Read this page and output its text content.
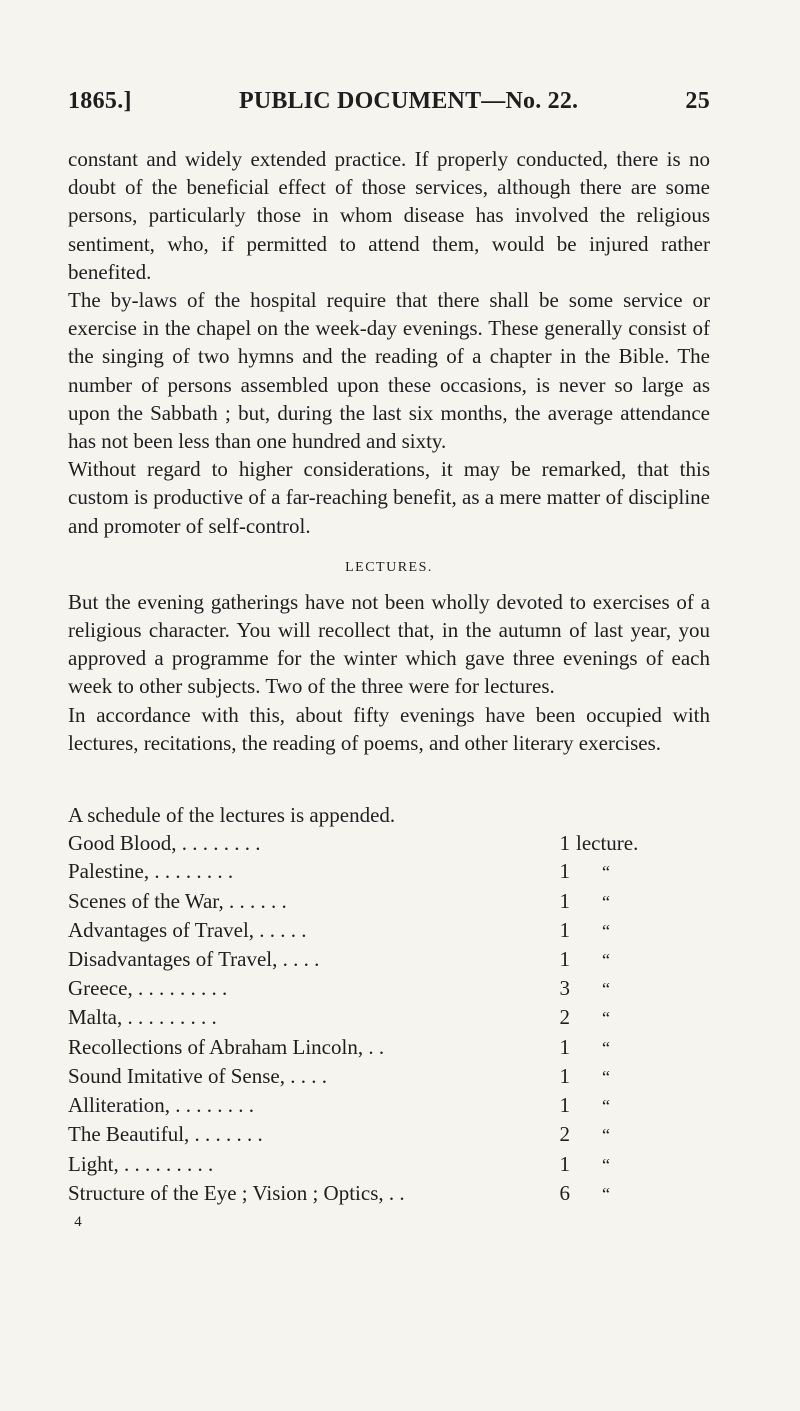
1865.]	PUBLIC DOCUMENT—No. 22.	25

constant and widely extended practice. If properly conducted, there is no doubt of the beneficial effect of those services, although there are some persons, particularly those in whom disease has involved the religious sentiment, who, if permitted to attend them, would be injured rather benefited.

The by-laws of the hospital require that there shall be some service or exercise in the chapel on the week-day evenings. These generally consist of the singing of two hymns and the reading of a chapter in the Bible. The number of persons assembled upon these occasions, is never so large as upon the Sabbath ; but, during the last six months, the average attendance has not been less than one hundred and sixty.

Without regard to higher considerations, it may be remarked, that this custom is productive of a far-reaching benefit, as a mere matter of discipline and promoter of self-control.

LECTURES.

But the evening gatherings have not been wholly devoted to exercises of a religious character. You will recollect that, in the autumn of last year, you approved a programme for the winter which gave three evenings of each week to other subjects. Two of the three were for lectures.

In accordance with this, about fifty evenings have been occupied with lectures, recitations, the reading of poems, and other literary exercises.

A schedule of the lectures is appended.
Good Blood, . . . . . . . .	1	lecture.
Palestine, . . . . . . . .	1	“
Scenes of the War, . . . . . .	1	“
Advantages of Travel, . . . . .	1	“
Disadvantages of Travel, . . . .	1	“
Greece, . . . . . . . . .	3	“
Malta, . . . . . . . . .	2	“
Recollections of Abraham Lincoln, . .	1	“
Sound Imitative of Sense, . . . .	1	“
Alliteration, . . . . . . . .	1	“
The Beautiful, . . . . . . .	2	“
Light, . . . . . . . . .	1	“
Structure of the Eye ; Vision ; Optics, . .	6	“
4
